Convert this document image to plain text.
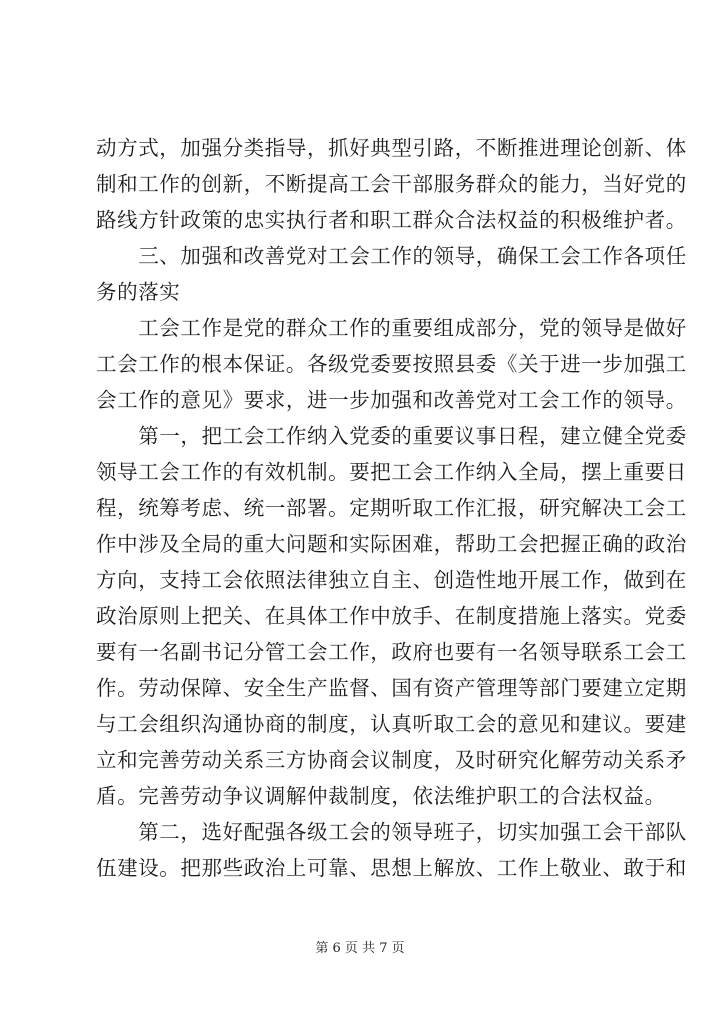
动方式，加强分类指导，抓好典型引路，不断推进理论创新、体
制和工作的创新，不断提高工会干部服务群众的能力，当好党的
路线方针政策的忠实执行者和职工群众合法权益的积极维护者。
　　三、加强和改善党对工会工作的领导，确保工会工作各项任
务的落实
　　工会工作是党的群众工作的重要组成部分，党的领导是做好
工会工作的根本保证。各级党委要按照县委《关于进一步加强工
会工作的意见》要求，进一步加强和改善党对工会工作的领导。
　　第一，把工会工作纳入党委的重要议事日程，建立健全党委
领导工会工作的有效机制。要把工会工作纳入全局，摆上重要日
程，统筹考虑、统一部署。定期听取工作汇报，研究解决工会工
作中涉及全局的重大问题和实际困难，帮助工会把握正确的政治
方向，支持工会依照法律独立自主、创造性地开展工作，做到在
政治原则上把关、在具体工作中放手、在制度措施上落实。党委
要有一名副书记分管工会工作，政府也要有一名领导联系工会工
作。劳动保障、安全生产监督、国有资产管理等部门要建立定期
与工会组织沟通协商的制度，认真听取工会的意见和建议。要建
立和完善劳动关系三方协商会议制度，及时研究化解劳动关系矛
盾。完善劳动争议调解仲裁制度，依法维护职工的合法权益。
　　第二，选好配强各级工会的领导班子，切实加强工会干部队
伍建设。把那些政治上可靠、思想上解放、工作上敬业、敢于和
第 6 页 共 7 页
